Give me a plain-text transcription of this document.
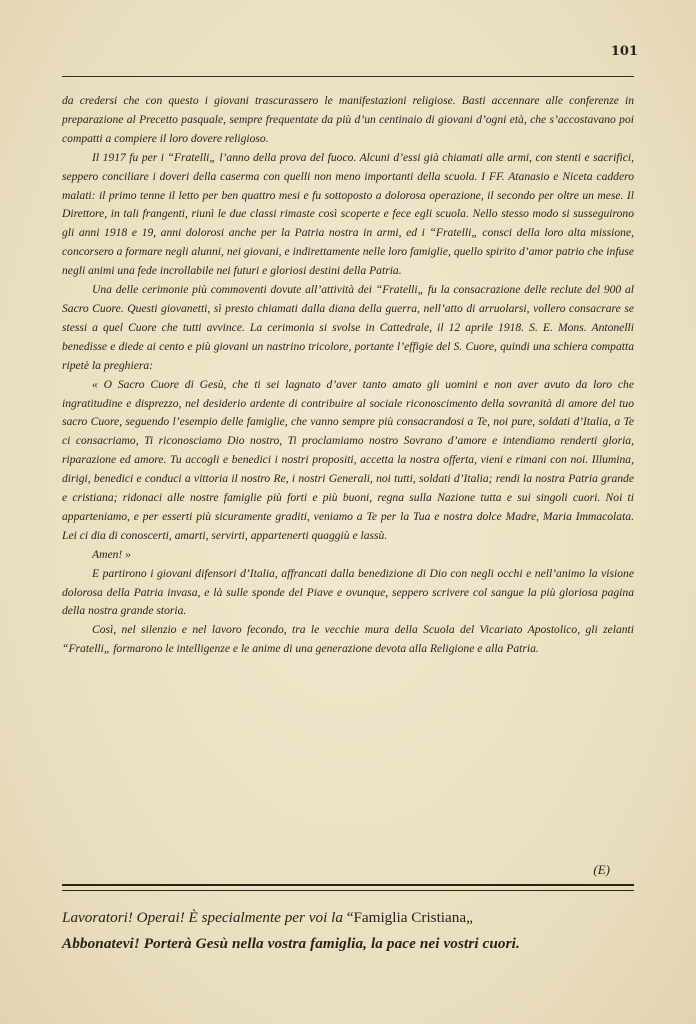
101

da credersi che con questo i giovani trascurassero le manifestazioni religiose. Basti accennare alle conferenze in preparazione al Precetto pasquale, sempre frequentate da più d’un centinaio di giovani d’ogni età, che s’accostavano poi compatti a compiere il loro dovere religioso.

Il 1917 fu per i “Fratelli„ l’anno della prova del fuoco. Alcuni d’essi già chiamati alle armi, con stenti e sacrifici, seppero conciliare i doveri della caserma con quelli non meno importanti della scuola. I FF. Atanasio e Niceta caddero malati: il primo tenne il letto per ben quattro mesi e fu sottoposto a dolorosa operazione, il secondo per oltre un mese. Il Direttore, in tali frangenti, riunì le due classi rimaste così scoperte e fece egli scuola. Nello stesso modo si susseguirono gli anni 1918 e 19, anni dolorosi anche per la Patria nostra in armi, ed i “Fratelli„ consci della loro alta missione, concorsero a formare negli alunni, nei giovani, e indirettamente nelle loro famiglie, quello spirito d’amor patrio che infuse negli animi una fede incrollabile nei futuri e gloriosi destini della Patria.

Una delle cerimonie più commoventi dovute all’attività dei “Fratelli„ fu la consacrazione delle reclute del 900 al Sacro Cuore. Questi giovanetti, sì presto chiamati dalla diana della guerra, nell’atto di arruolarsi, vollero consacrare se stessi a quel Cuore che tutti avvince. La cerimonia si svolse in Cattedrale, il 12 aprile 1918. S. E. Mons. Antonelli benedisse e diede ai cento e più giovani un nastrino tricolore, portante l’effigie del S. Cuore, quindi una schiera compatta ripetè la preghiera:

« O Sacro Cuore di Gesù, che ti sei lagnato d’aver tanto amato gli uomini e non aver avuto da loro che ingratitudine e disprezzo, nel desiderio ardente di contribuire al sociale riconoscimento della sovranità di amore del tuo sacro Cuore, seguendo l’esempio delle famiglie, che vanno sempre più consacrandosi a Te, noi pure, soldati d’Italia, a Te ci consacriamo, Ti riconosciamo Dio nostro, Ti proclamiamo nostro Sovrano d’amore e intendiamo renderti gloria, riparazione ed amore. Tu accogli e benedici i nostri propositi, accetta la nostra offerta, vieni e rimani con noi. Illumina, dirigi, benedici e conduci a vittoria il nostro Re, i nostri Generali, noi tutti, soldati d’Italia; rendi la nostra Patria grande e cristiana; ridonaci alle nostre famiglie più forti e più buoni, regna sulla Nazione tutta e sui singoli cuori. Noi ti apparteniamo, e per esserti più sicuramente graditi, veniamo a Te per la Tua e nostra dolce Madre, Maria Immacolata. Lei ci dia di conoscerti, amarti, servirti, appartenerti quaggiù e lassù.

Amen! »

E partirono i giovani difensori d’Italia, affrancati dalla benedizione di Dio con negli occhi e nell’animo la visione dolorosa della Patria invasa, e là sulle sponde del Piave e ovunque, seppero scrivere col sangue la più gloriosa pagina della nostra grande storia.

Così, nel silenzio e nel lavoro fecondo, tra le vecchie mura della Scuola del Vicariato Apostolico, gli zelanti “Fratelli„ formarono le intelligenze e le anime di una generazione devota alla Religione e alla Patria.

(E)
Lavoratori! Operai! È specialmente per voi la “Famiglia Cristiana„
Abbonatevi! Porterà Gesù nella vostra famiglia, la pace nei vostri cuori.
